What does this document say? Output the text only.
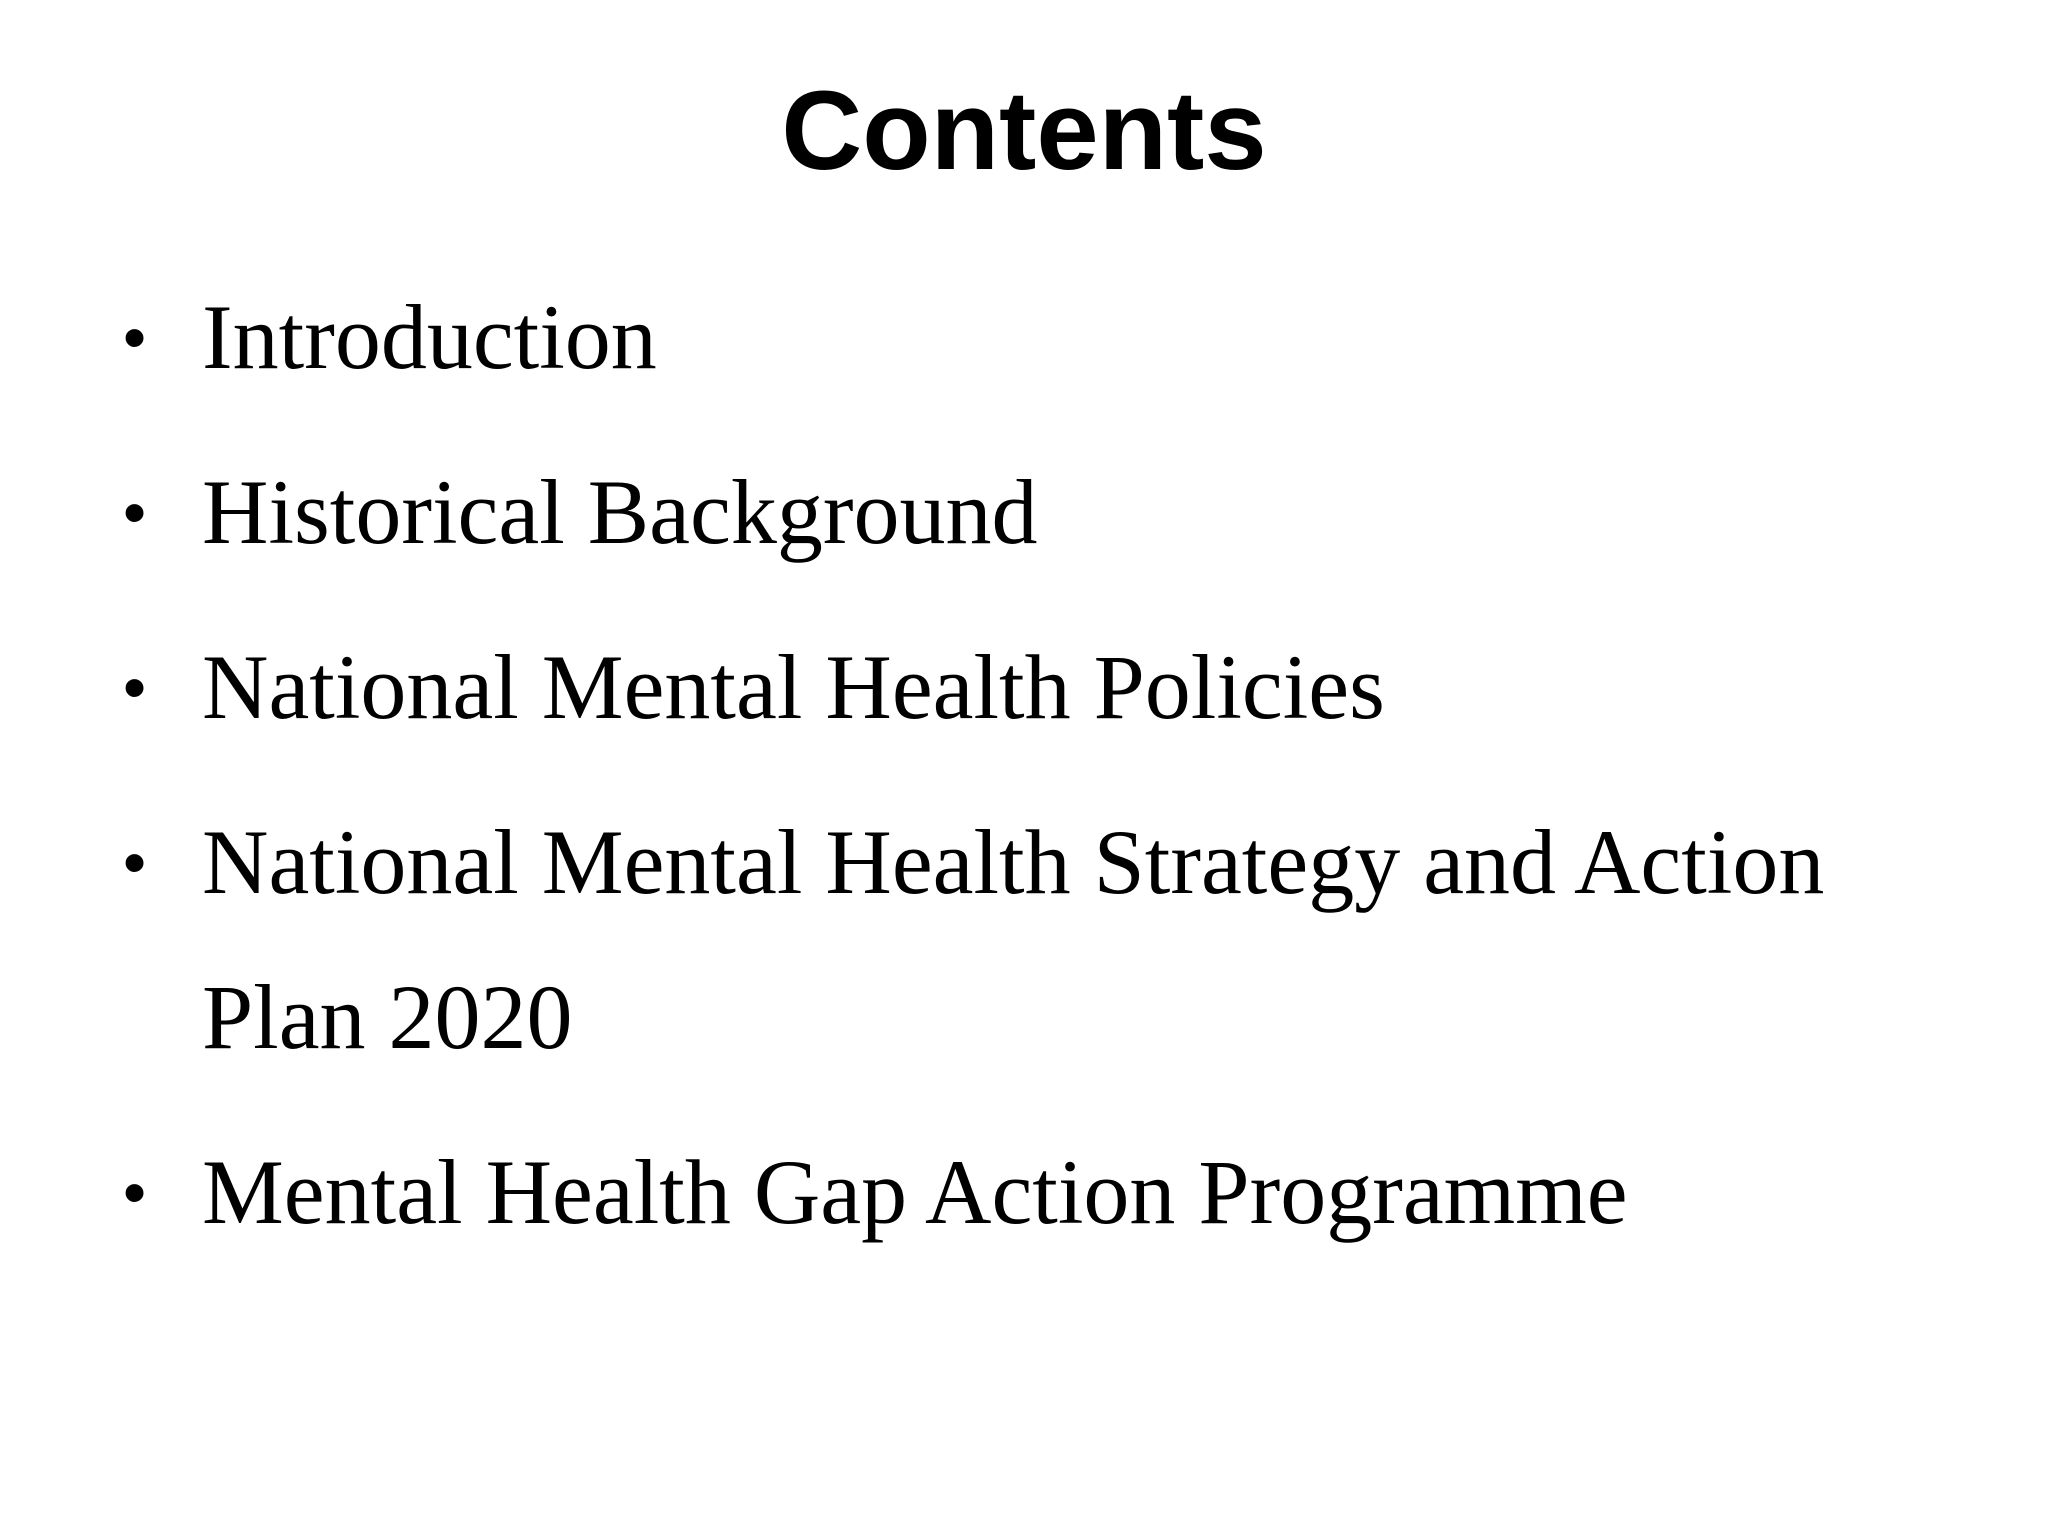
Contents
• Introduction
• Historical Background
• National Mental Health Policies
• National Mental Health Strategy and Action
Plan 2020
• Mental Health Gap Action Programme
